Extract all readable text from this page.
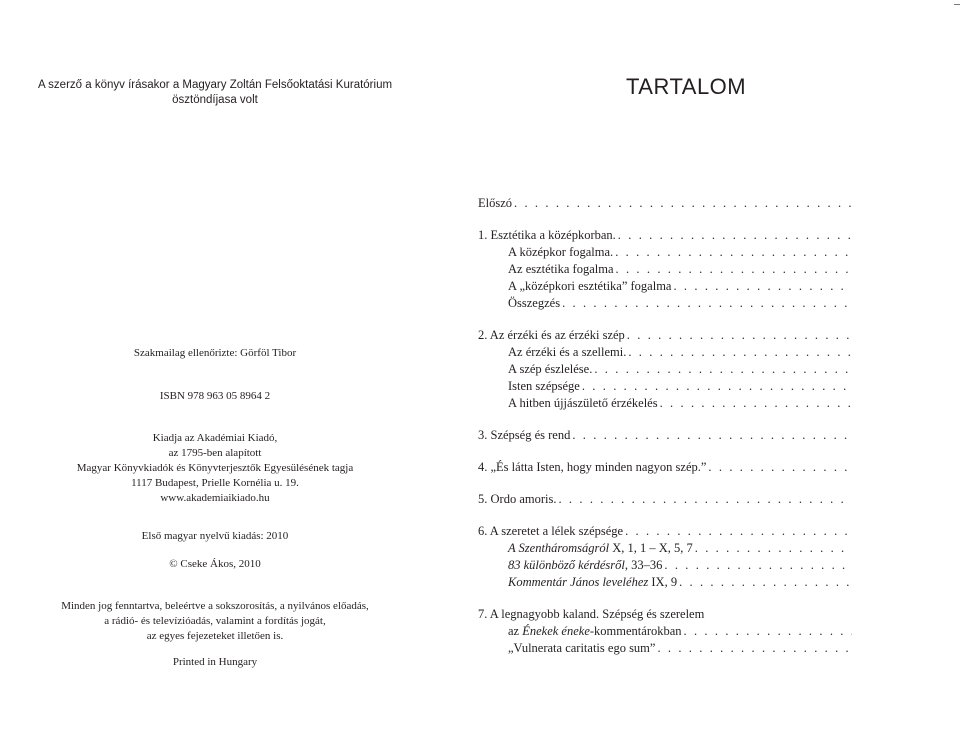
A szerző a könyv írásakor a Magyary Zoltán Felsőoktatási Kuratórium
ösztöndíjasa volt
Szakmailag ellenőrizte: Görföl Tibor
ISBN 978 963 05 8964 2
Kiadja az Akadémiai Kiadó,
az 1795-ben alapított
Magyar Könyvkiadók és Könyvterjesztők Egyesülésének tagja
1117 Budapest, Prielle Kornélia u. 19.
www.akademiaikiado.hu
Első magyar nyelvű kiadás: 2010
© Cseke Ákos, 2010
Minden jog fenntartva, beleértve a sokszorosítás, a nyilvános előadás,
a rádió- és televízióadás, valamint a fordítás jogát,
az egyes fejezeteket illetően is.
Printed in Hungary
TARTALOM
Előszó
. . .
1. Esztétika a középkorban.
. . .
A középkor fogalma.
. . .
Az esztétika fogalma
. . .
A „középkori esztétika” fogalma
. . .
Összegzés
. . .
2. Az érzéki és az érzéki szép
. . .
Az érzéki és a szellemi.
. . .
A szép észlelése.
. . .
Isten szépsége
. . .
A hitben újjászülető érzékelés
. . .
3. Szépség és rend
. . .
4. „És látta Isten, hogy minden nagyon szép.”
. . .
5. Ordo amoris.
. . .
6. A szeretet a lélek szépsége
. . .
A Szentháromságról X, 1, 1 – X, 5, 7
. . .
83 különböző kérdésről, 33–36
. . .
Kommentár János leveléhez IX, 9
. . .
7. A legnagyobb kaland. Szépség és szerelem
az Énekek éneke-kommentárokban
. . .
„Vulnerata caritatis ego sum”
. . .
